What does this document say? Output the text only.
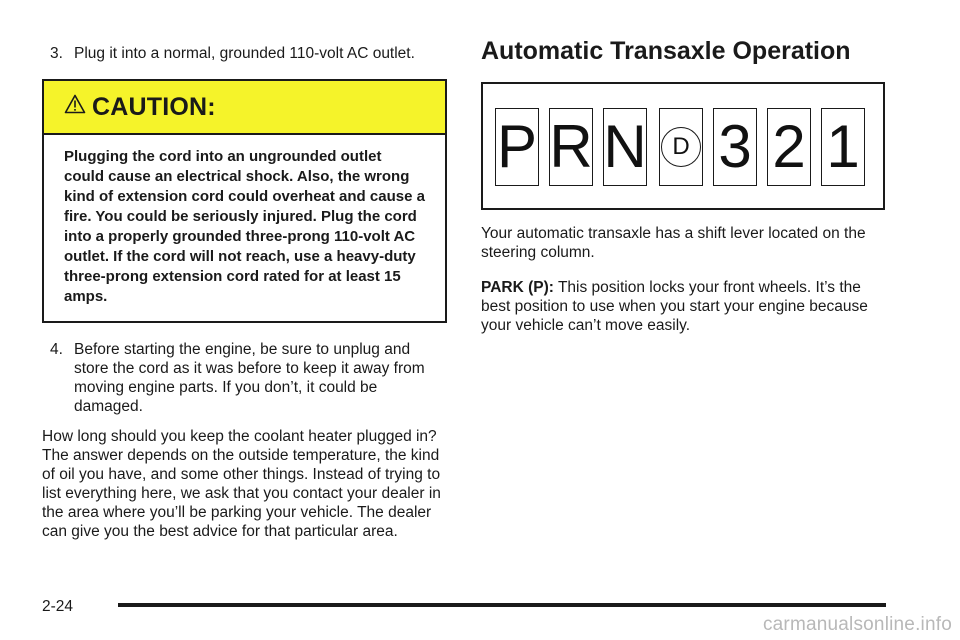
3. Plug it into a normal, grounded 110-volt AC outlet.
CAUTION:
Plugging the cord into an ungrounded outlet could cause an electrical shock. Also, the wrong kind of extension cord could overheat and cause a fire. You could be seriously injured. Plug the cord into a properly grounded three-prong 110-volt AC outlet. If the cord will not reach, use a heavy-duty three-prong extension cord rated for at least 15 amps.
4. Before starting the engine, be sure to unplug and store the cord as it was before to keep it away from moving engine parts. If you don’t, it could be damaged.

How long should you keep the coolant heater plugged in? The answer depends on the outside temperature, the kind of oil you have, and some other things. Instead of trying to list everything here, we ask that you contact your dealer in the area where you’ll be parking your vehicle. The dealer can give you the best advice for that particular area.

Automatic Transaxle Operation
P R N	D 3 2 1

Your automatic transaxle has a shift lever located on the steering column.

PARK (P): This position locks your front wheels. It’s the best position to use when you start your engine because your vehicle can’t move easily.

2-24
carmanualsonline.info
